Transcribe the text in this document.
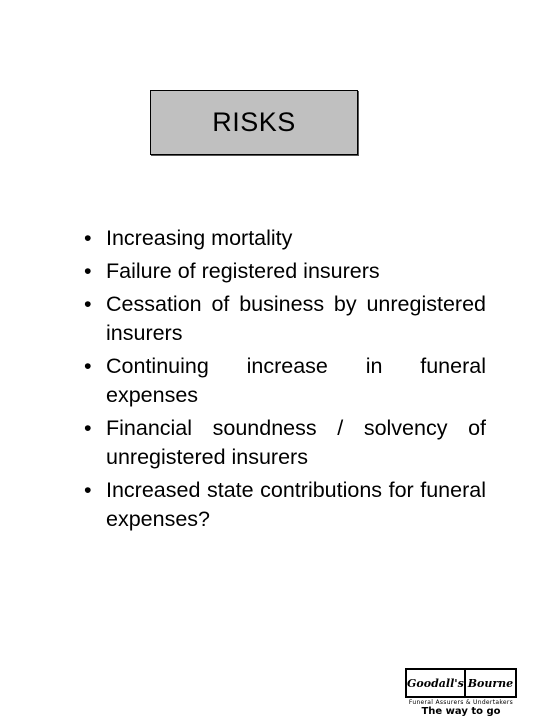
RISKS
• Increasing mortality
• Failure of registered insurers
• Cessation of business by unregistered insurers
• Continuing increase in funeral expenses
• Financial soundness / solvency of unregistered insurers
• Increased state contributions for funeral expenses?
Goodall's Bourne
Funeral Assurers & Undertakers
The way to go
